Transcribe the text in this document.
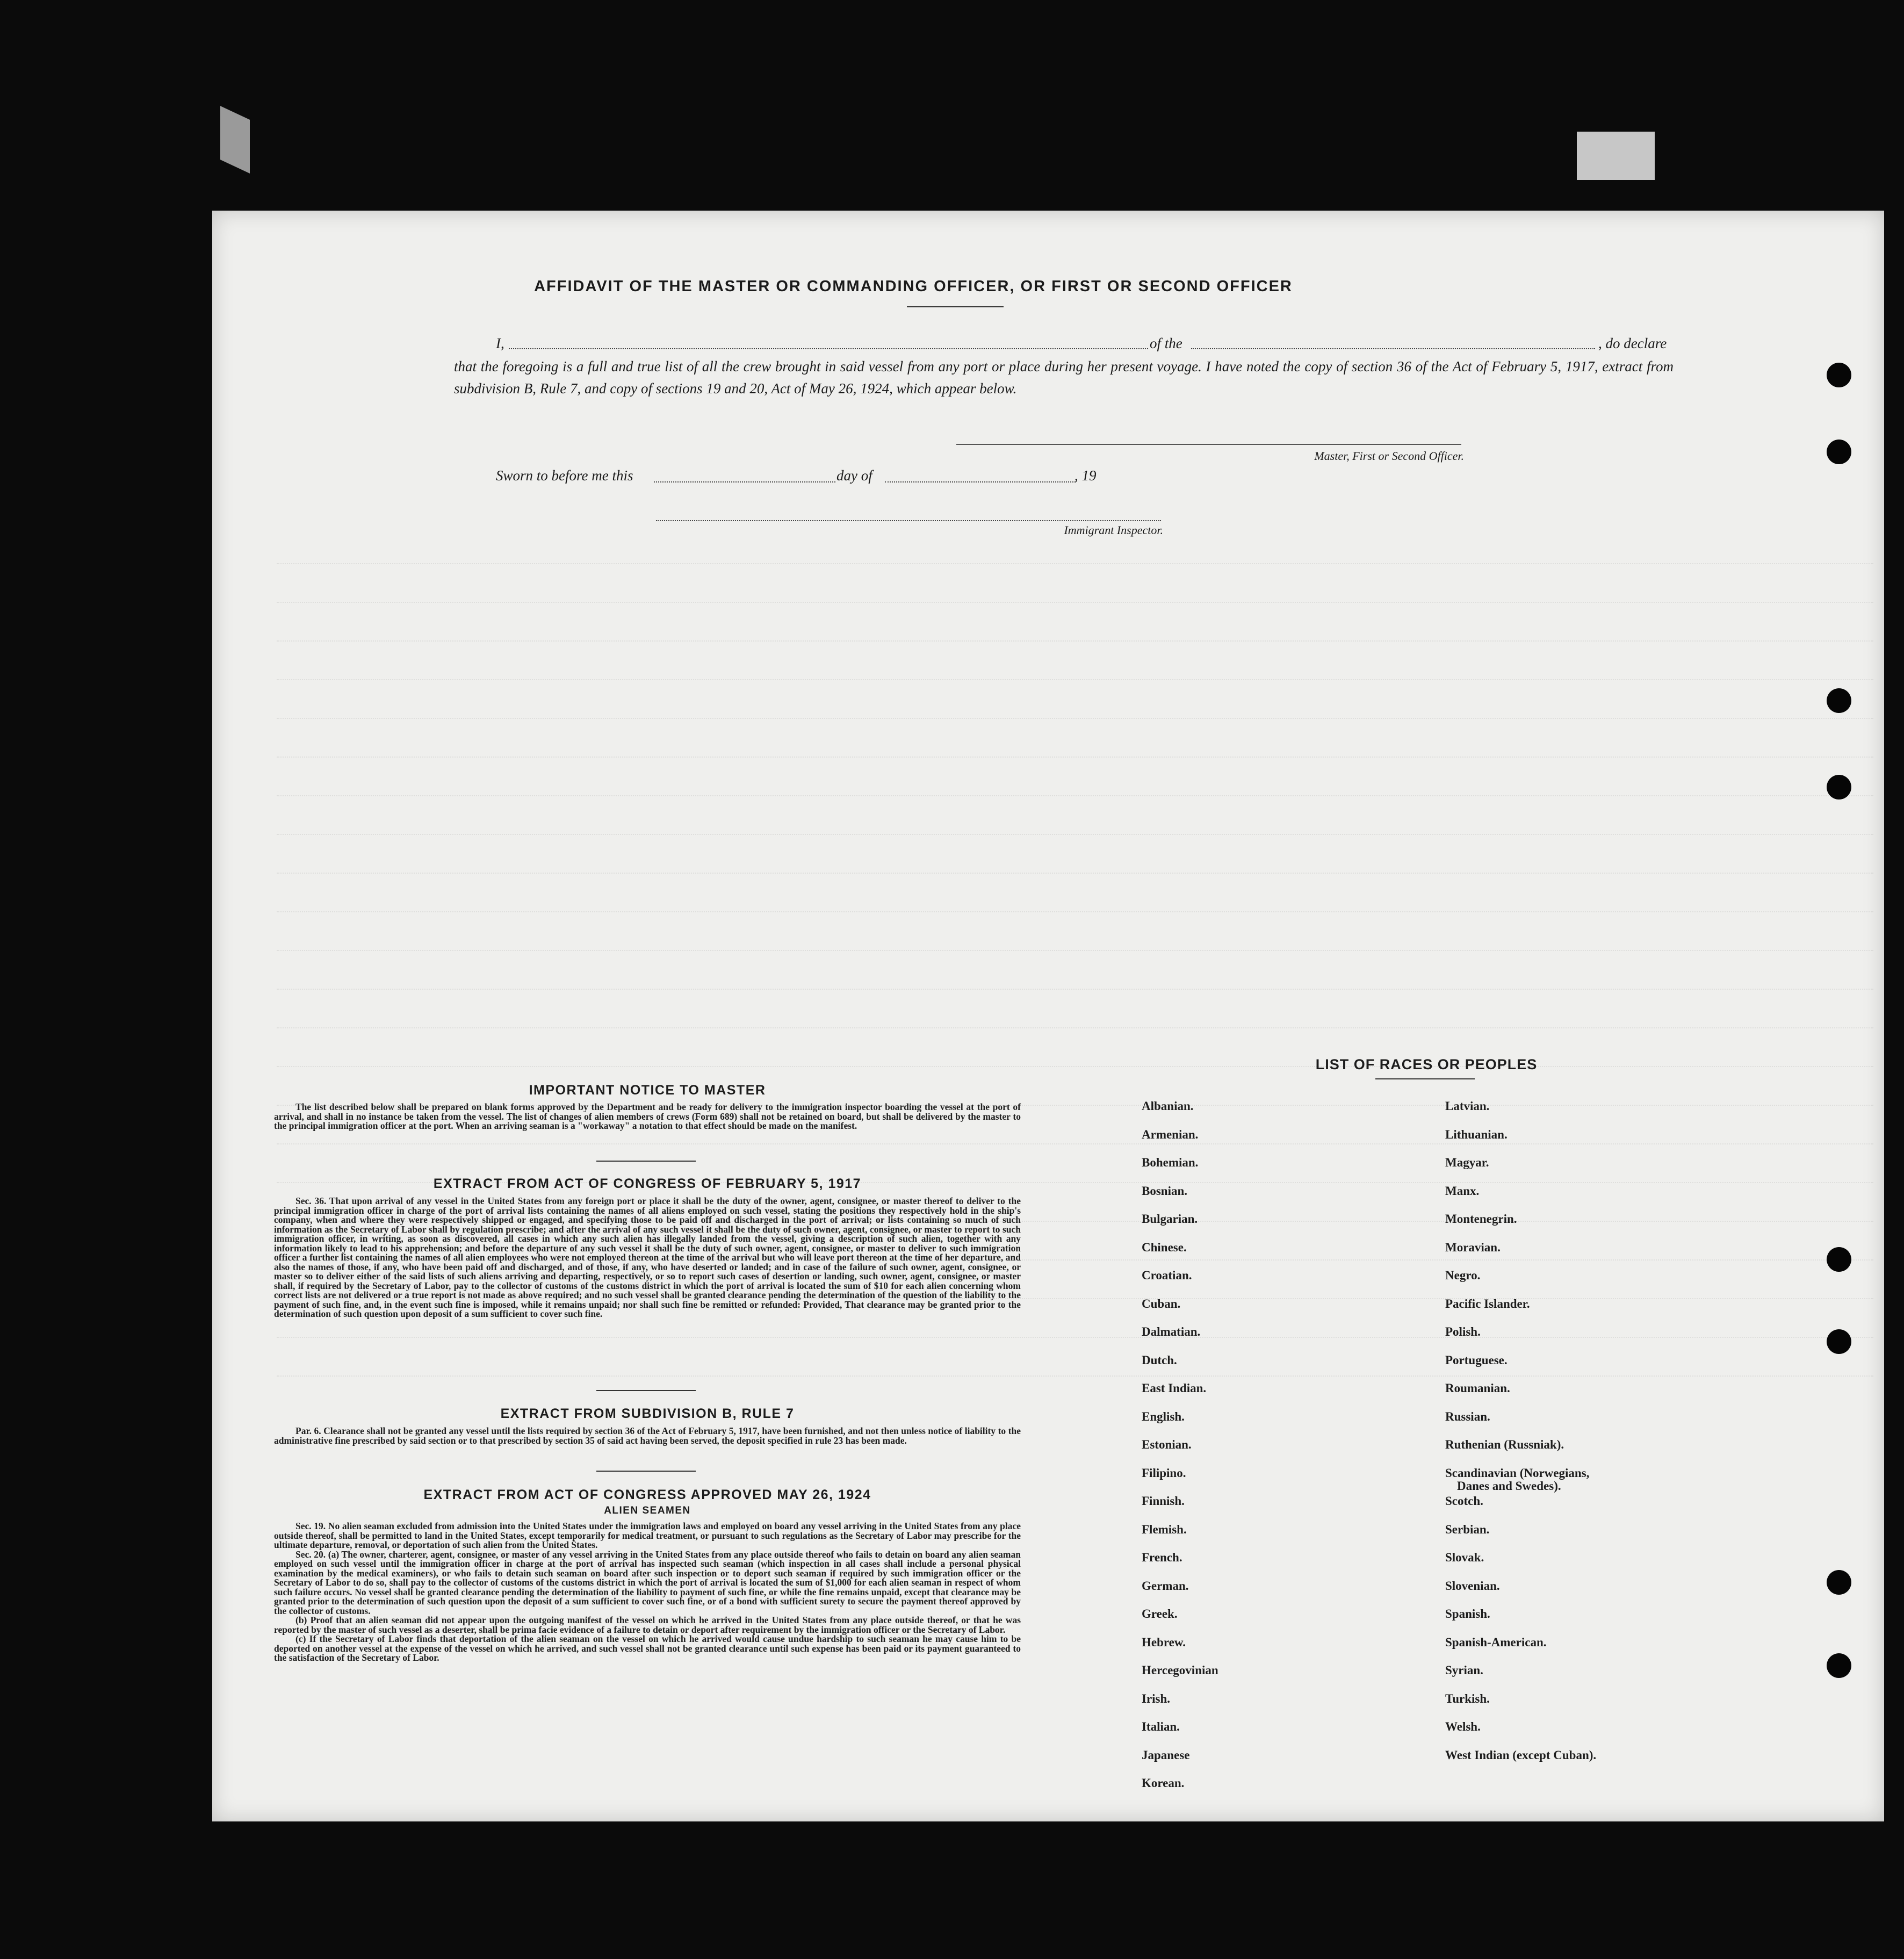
AFFIDAVIT OF THE MASTER OR COMMANDING OFFICER, OR FIRST OR SECOND OFFICER
I,	of the	, do declare
that the foregoing is a full and true list of all the crew brought in said vessel from any port or place during her present voyage. I have noted the copy of section 36 of the Act of February 5, 1917, extract from subdivision B, Rule 7, and copy of sections 19 and 20, Act of May 26, 1924, which appear below.
Master, First or Second Officer.
Sworn to before me this	day of	, 19
Immigrant Inspector.
IMPORTANT NOTICE TO MASTER
The list described below shall be prepared on blank forms approved by the Department and be ready for delivery to the immigration inspector boarding the vessel at the port of arrival, and shall in no instance be taken from the vessel. The list of changes of alien members of crews (Form 689) shall not be retained on board, but shall be delivered by the master to the principal immigration officer at the port. When an arriving seaman is a "workaway" a notation to that effect should be made on the manifest.
EXTRACT FROM ACT OF CONGRESS OF FEBRUARY 5, 1917
Sec. 36. That upon arrival of any vessel in the United States from any foreign port or place it shall be the duty of the owner, agent, consignee, or master thereof to deliver to the principal immigration officer in charge of the port of arrival lists containing the names of all aliens employed on such vessel, stating the positions they respectively hold in the ship's company, when and where they were respectively shipped or engaged, and specifying those to be paid off and discharged in the port of arrival; or lists containing so much of such information as the Secretary of Labor shall by regulation prescribe; and after the arrival of any such vessel it shall be the duty of such owner, agent, consignee, or master to report to such immigration officer, in writing, as soon as discovered, all cases in which any such alien has illegally landed from the vessel, giving a description of such alien, together with any information likely to lead to his apprehension; and before the departure of any such vessel it shall be the duty of such owner, agent, consignee, or master to deliver to such immigration officer a further list containing the names of all alien employees who were not employed thereon at the time of the arrival but who will leave port thereon at the time of her departure, and also the names of those, if any, who have been paid off and discharged, and of those, if any, who have deserted or landed; and in case of the failure of such owner, agent, consignee, or master so to deliver either of the said lists of such aliens arriving and departing, respectively, or so to report such cases of desertion or landing, such owner, agent, consignee, or master shall, if required by the Secretary of Labor, pay to the collector of customs of the customs district in which the port of arrival is located the sum of $10 for each alien concerning whom correct lists are not delivered or a true report is not made as above required; and no such vessel shall be granted clearance pending the determination of the question of the liability to the payment of such fine, and, in the event such fine is imposed, while it remains unpaid; nor shall such fine be remitted or refunded: Provided, That clearance may be granted prior to the determination of such question upon deposit of a sum sufficient to cover such fine.
EXTRACT FROM SUBDIVISION B, RULE 7
Par. 6. Clearance shall not be granted any vessel until the lists required by section 36 of the Act of February 5, 1917, have been furnished, and not then unless notice of liability to the administrative fine prescribed by said section or to that prescribed by section 35 of said act having been served, the deposit specified in rule 23 has been made.
EXTRACT FROM ACT OF CONGRESS APPROVED MAY 26, 1924
ALIEN SEAMEN

Sec. 19. No alien seaman excluded from admission into the United States under the immigration laws and employed on board any vessel arriving in the United States from any place outside thereof, shall be permitted to land in the United States, except temporarily for medical treatment, or pursuant to such regulations as the Secretary of Labor may prescribe for the ultimate departure, removal, or deportation of such alien from the United States.

Sec. 20. (a) The owner, charterer, agent, consignee, or master of any vessel arriving in the United States from any place outside thereof who fails to detain on board any alien seaman employed on such vessel until the immigration officer in charge at the port of arrival has inspected such seaman (which inspection in all cases shall include a personal physical examination by the medical examiners), or who fails to detain such seaman on board after such inspection or to deport such seaman if required by such immigration officer or the Secretary of Labor to do so, shall pay to the collector of customs of the customs district in which the port of arrival is located the sum of $1,000 for each alien seaman in respect of whom such failure occurs. No vessel shall be granted clearance pending the determination of the liability to payment of such fine, or while the fine remains unpaid, except that clearance may be granted prior to the determination of such question upon the deposit of a sum sufficient to cover such fine, or of a bond with sufficient surety to secure the payment thereof approved by the collector of customs.

(b) Proof that an alien seaman did not appear upon the outgoing manifest of the vessel on which he arrived in the United States from any place outside thereof, or that he was reported by the master of such vessel as a deserter, shall be prima facie evidence of a failure to detain or deport after requirement by the immigration officer or the Secretary of Labor.

(c) If the Secretary of Labor finds that deportation of the alien seaman on the vessel on which he arrived would cause undue hardship to such seaman he may cause him to be deported on another vessel at the expense of the vessel on which he arrived, and such vessel shall not be granted clearance until such expense has been paid or its payment guaranteed to the satisfaction of the Secretary of Labor.

LIST OF RACES OR PEOPLES
Albanian.
Armenian.
Bohemian.
Bosnian.
Bulgarian.
Chinese.
Croatian.
Cuban.
Dalmatian.
Dutch.
East Indian.
English.
Estonian.
Filipino.
Finnish.
Flemish.
French.
German.
Greek.
Hebrew.
Hercegovinian
Irish.
Italian.
Japanese
Korean.
Latvian.
Lithuanian.
Magyar.
Manx.
Montenegrin.
Moravian.
Negro.
Pacific Islander.
Polish.
Portuguese.
Roumanian.
Russian.
Ruthenian (Russniak).
Scandinavian (Norwegians,
Danes and Swedes).
Scotch.
Serbian.
Slovak.
Slovenian.
Spanish.
Spanish-American.
Syrian.
Turkish.
Welsh.
West Indian (except Cuban).
